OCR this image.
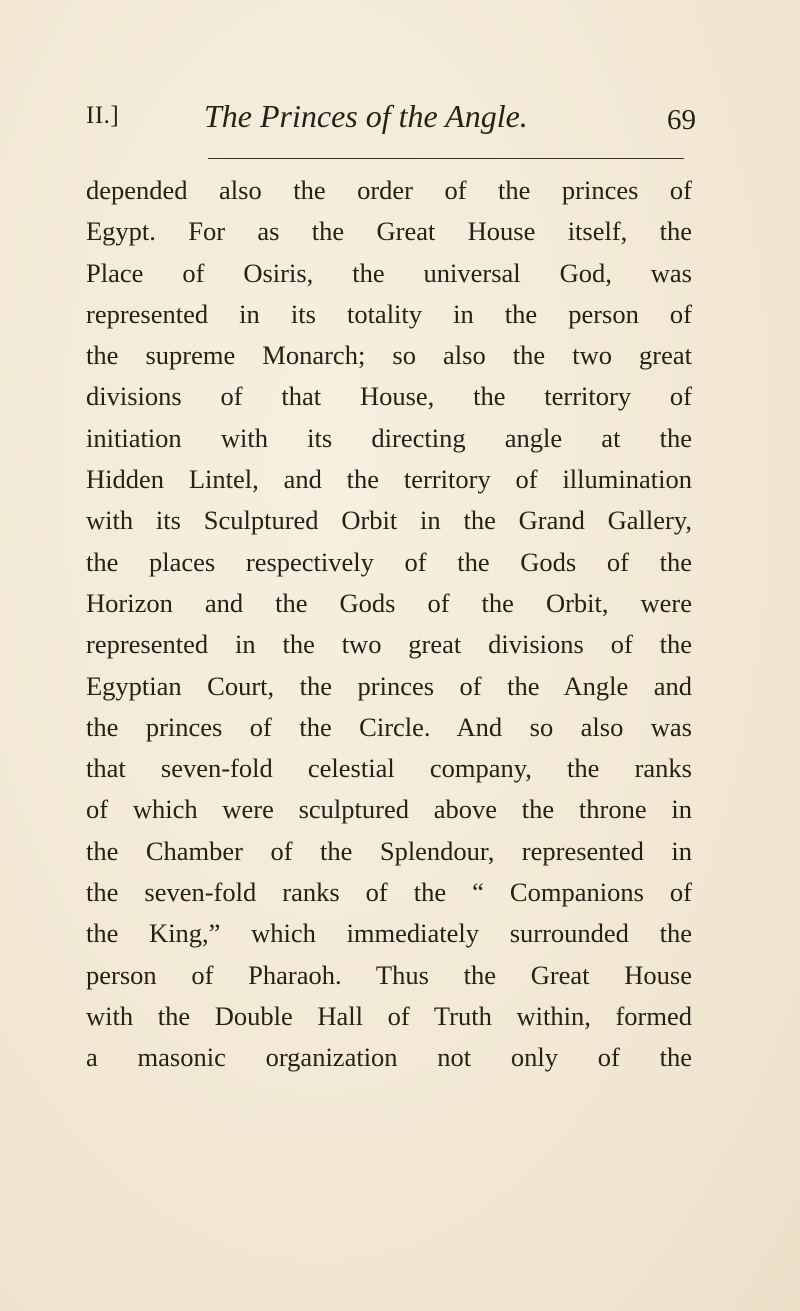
II.]	The Princes of the Angle.	69
depended also the order of the princes of
Egypt. For as the Great House itself, the
Place of Osiris, the universal God, was
represented in its totality in the person of
the supreme Monarch; so also the two great
divisions of that House, the territory of
initiation with its directing angle at the
Hidden Lintel, and the territory of illumination
with its Sculptured Orbit in the Grand Gallery,
the places respectively of the Gods of the
Horizon and the Gods of the Orbit, were
represented in the two great divisions of the
Egyptian Court, the princes of the Angle and
the princes of the Circle. And so also was
that seven-fold celestial company, the ranks
of which were sculptured above the throne in
the Chamber of the Splendour, represented in
the seven-fold ranks of the “ Companions of
the King,” which immediately surrounded the
person of Pharaoh. Thus the Great House
with the Double Hall of Truth within, formed
a masonic organization not only of the
